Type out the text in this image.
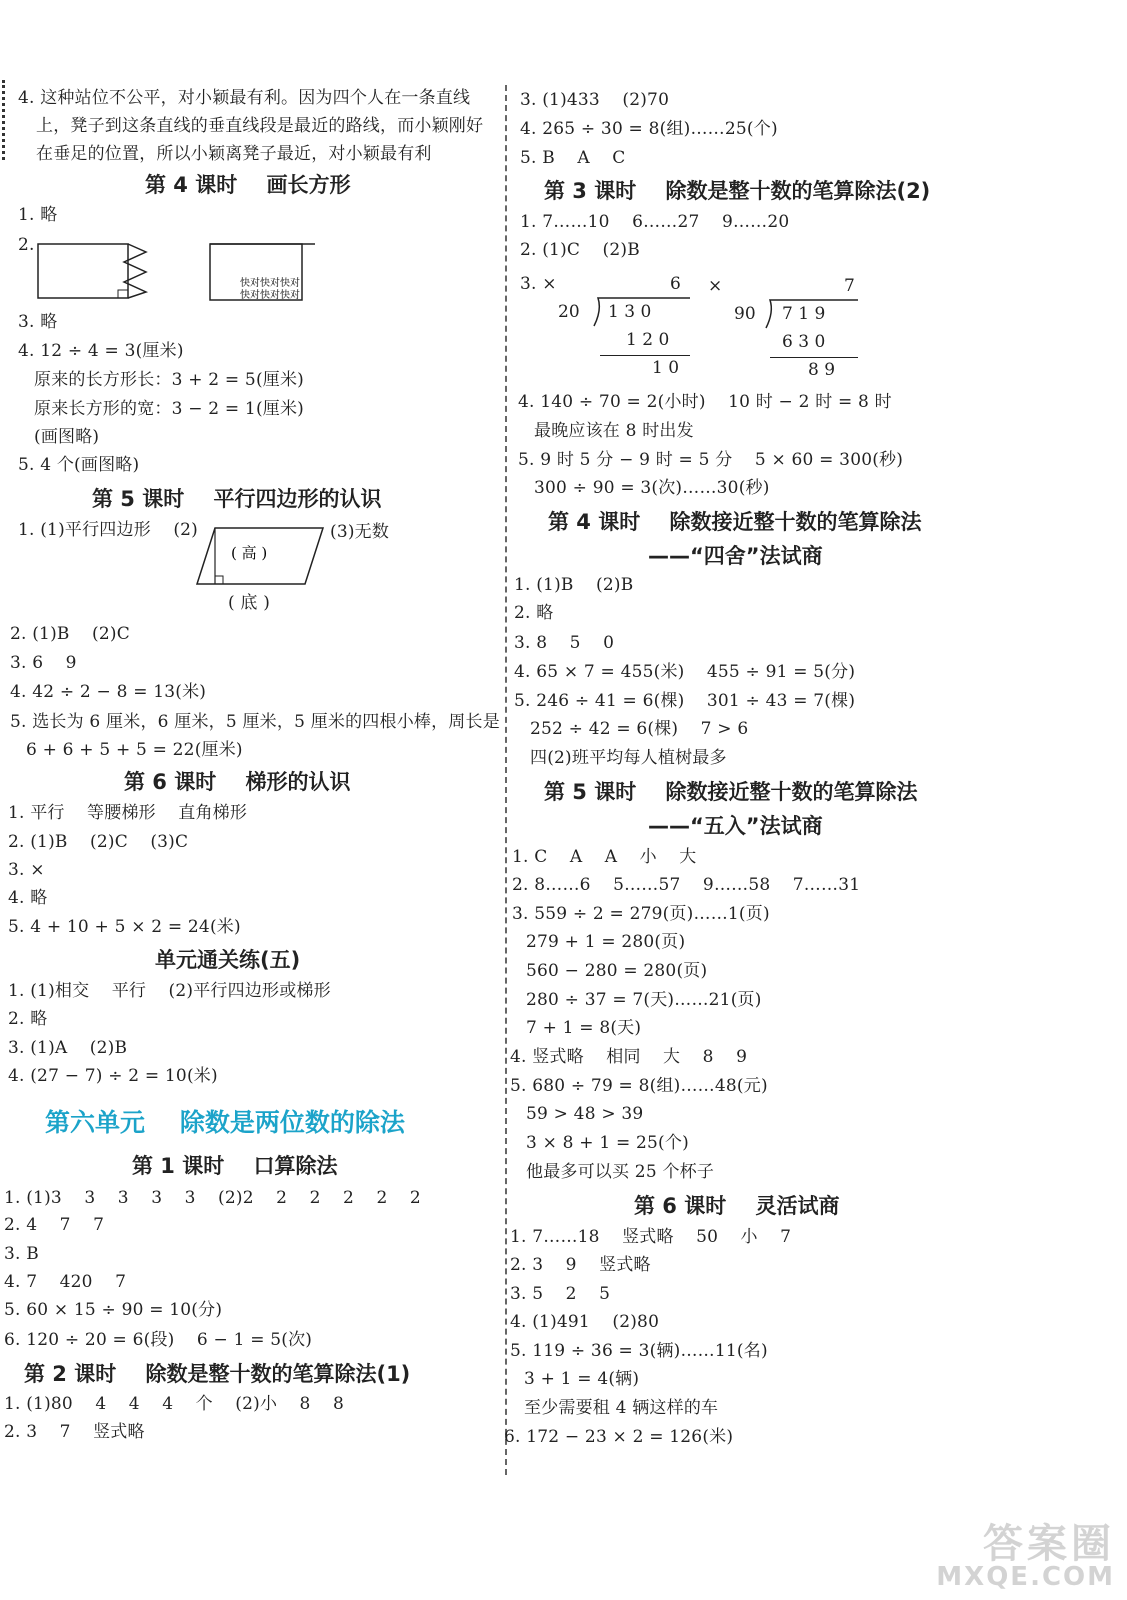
4. 这种站位不公平，对小颖最有利。因为四个人在一条直线
上，凳子到这条直线的垂直线段是最近的路线，而小颖刚好
在垂足的位置，所以小颖离凳子最近，对小颖最有利
第 4 课时    画长方形
1. 略
2.
快对快对快对
快对快对快对
3. 略
4. 12 ÷ 4 = 3(厘米)
原来的长方形长：3 + 2 = 5(厘米)
原来长方形的宽：3 − 2 = 1(厘米)
(画图略)
5. 4 个(画图略)
第 5 课时    平行四边形的认识
1. (1)平行四边形    (2)	(3)无数
( 高 )
( 底 )
2. (1)B    (2)C
3. 6    9
4. 42 ÷ 2 − 8 = 13(米)
5. 选长为 6 厘米，6 厘米，5 厘米，5 厘米的四根小棒，周长是
6 + 6 + 5 + 5 = 22(厘米)
第 6 课时    梯形的认识
1. 平行    等腰梯形    直角梯形
2. (1)B    (2)C    (3)C
3. ×
4. 略
5. 4 + 10 + 5 × 2 = 24(米)
单元通关练(五)
1. (1)相交    平行    (2)平行四边形或梯形
2. 略
3. (1)A    (2)B
4. (27 − 7) ÷ 2 = 10(米)
第六单元    除数是两位数的除法
第 1 课时    口算除法
1. (1)3    3    3    3    3    (2)2    2    2    2    2    2
2. 4    7    7
3. B
4. 7    420    7
5. 60 × 15 ÷ 90 = 10(分)
6. 120 ÷ 20 = 6(段)    6 − 1 = 5(次)
第 2 课时    除数是整十数的笔算除法(1)
1. (1)80    4    4    4    个    (2)小    8    8
2. 3    7    竖式略
3. (1)433    (2)70
4. 265 ÷ 30 = 8(组)……25(个)
5. B    A    C
第 3 课时    除数是整十数的笔算除法(2)
1. 7……10    6……27    9……20
2. (1)C    (2)B
3. ×	×
6
20 1 3 0
1 2 0
1 0
7
90 7 1 9
6 3 0
8 9
4. 140 ÷ 70 = 2(小时)    10 时 − 2 时 = 8 时
最晚应该在 8 时出发
5. 9 时 5 分 − 9 时 = 5 分    5 × 60 = 300(秒)
300 ÷ 90 = 3(次)……30(秒)
第 4 课时    除数接近整十数的笔算除法
——“四舍”法试商
1. (1)B    (2)B
2. 略
3. 8    5    0
4. 65 × 7 = 455(米)    455 ÷ 91 = 5(分)
5. 246 ÷ 41 = 6(棵)    301 ÷ 43 = 7(棵)
252 ÷ 42 = 6(棵)    7 > 6
四(2)班平均每人植树最多
第 5 课时    除数接近整十数的笔算除法
——“五入”法试商
1. C    A    A    小    大
2. 8……6    5……57    9……58    7……31
3. 559 ÷ 2 = 279(页)……1(页)
279 + 1 = 280(页)
560 − 280 = 280(页)
280 ÷ 37 = 7(天)……21(页)
7 + 1 = 8(天)
4. 竖式略    相同    大    8    9
5. 680 ÷ 79 = 8(组)……48(元)
59 > 48 > 39
3 × 8 + 1 = 25(个)
他最多可以买 25 个杯子
第 6 课时    灵活试商
1. 7……18    竖式略    50    小    7
2. 3    9    竖式略
3. 5    2    5
4. (1)491    (2)80
5. 119 ÷ 36 = 3(辆)……11(名)
3 + 1 = 4(辆)
至少需要租 4 辆这样的车
6. 172 − 23 × 2 = 126(米)
答案圈
MXQE.COM
